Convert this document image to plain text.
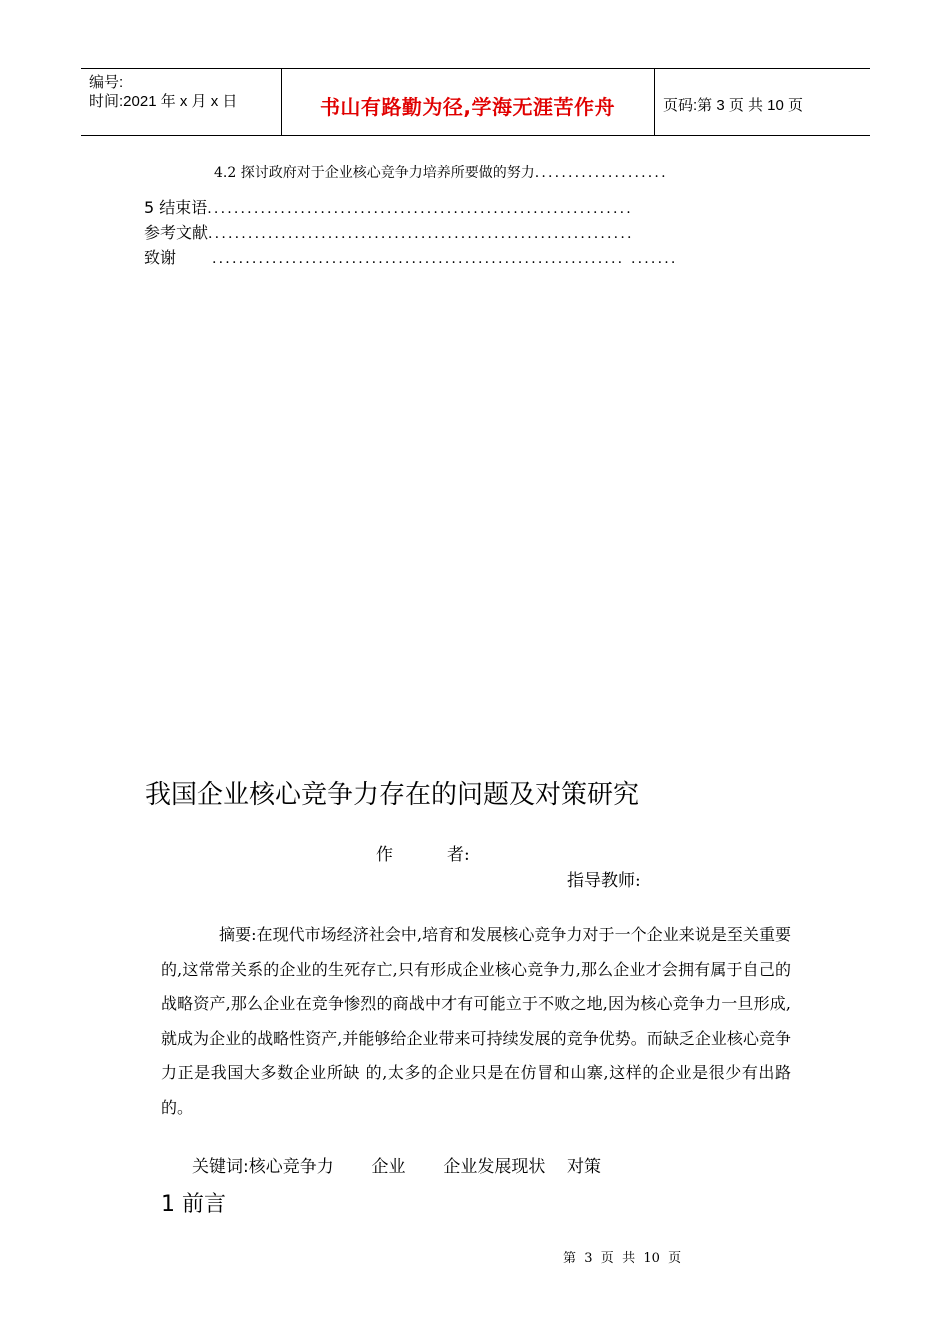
编号:
时间:2021 年 x 月 x 日	书山有路勤为径,学海无涯苦作舟	页码:第 3 页 共 10 页
4.2 探讨政府对于企业核心竞争力培养所要做的努力....................
5 结束语................................................................
参考文献................................................................
致谢	.............................................................. .......
我国企业核心竞争力存在的问题及对策研究
作          者:
指导教师:
摘要:在现代市场经济社会中,培育和发展核心竞争力对于一个企业来说是至关重要的,这常常关系的企业的生死存亡,只有形成企业核心竞争力,那么企业才会拥有属于自己的战略资产,那么企业在竞争惨烈的商战中才有可能立于不败之地,因为核心竞争力一旦形成,就成为企业的战略性资产,并能够给企业带来可持续发展的竞争优势。而缺乏企业核心竞争力正是我国大多数企业所缺 的,太多的企业只是在仿冒和山寨,这样的企业是很少有出路的。
关键词:核心竞争力       企业       企业发展现状    对策
1 前言
第  3  页  共  10  页
